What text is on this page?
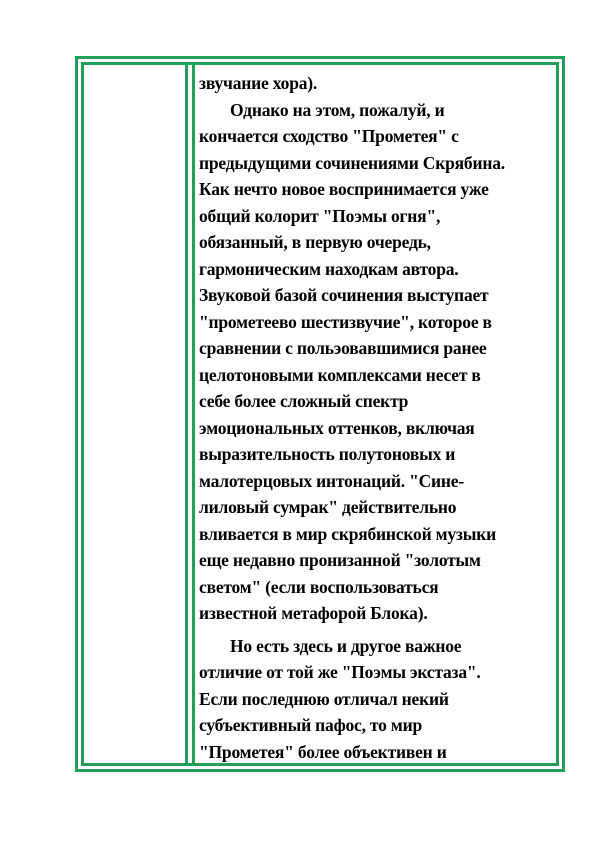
звучание хора).

Однако на этом, пожалуй, и

кончается сходство "Прометея" с

предыдущими сочинениями Скрябина.

Как нечто новое воспринимается уже

общий колорит "Поэмы огня",

обязанный, в первую очередь,

гармоническим находкам автора.

Звуковой базой сочинения выступает

"прометеево шестизвучие", которое в

сравнении с польэовавшимися ранее

целотоновыми комплексами несет в

себе более сложный спектр

эмоциональных оттенков, включая

выразительность полутоновых и

малотерцовых интонаций. "Сине-

лиловый сумрак" действительно

вливается в мир скрябинской музыки

еще недавно пронизанной "золотым

светом" (если воспользоваться

известной метафорой Блока).

Но есть здесь и другое важное

отличие от той же "Поэмы экстаза".

Если последнюю отличал некий

субъективный пафос, то мир

"Прометея" более объективен и
